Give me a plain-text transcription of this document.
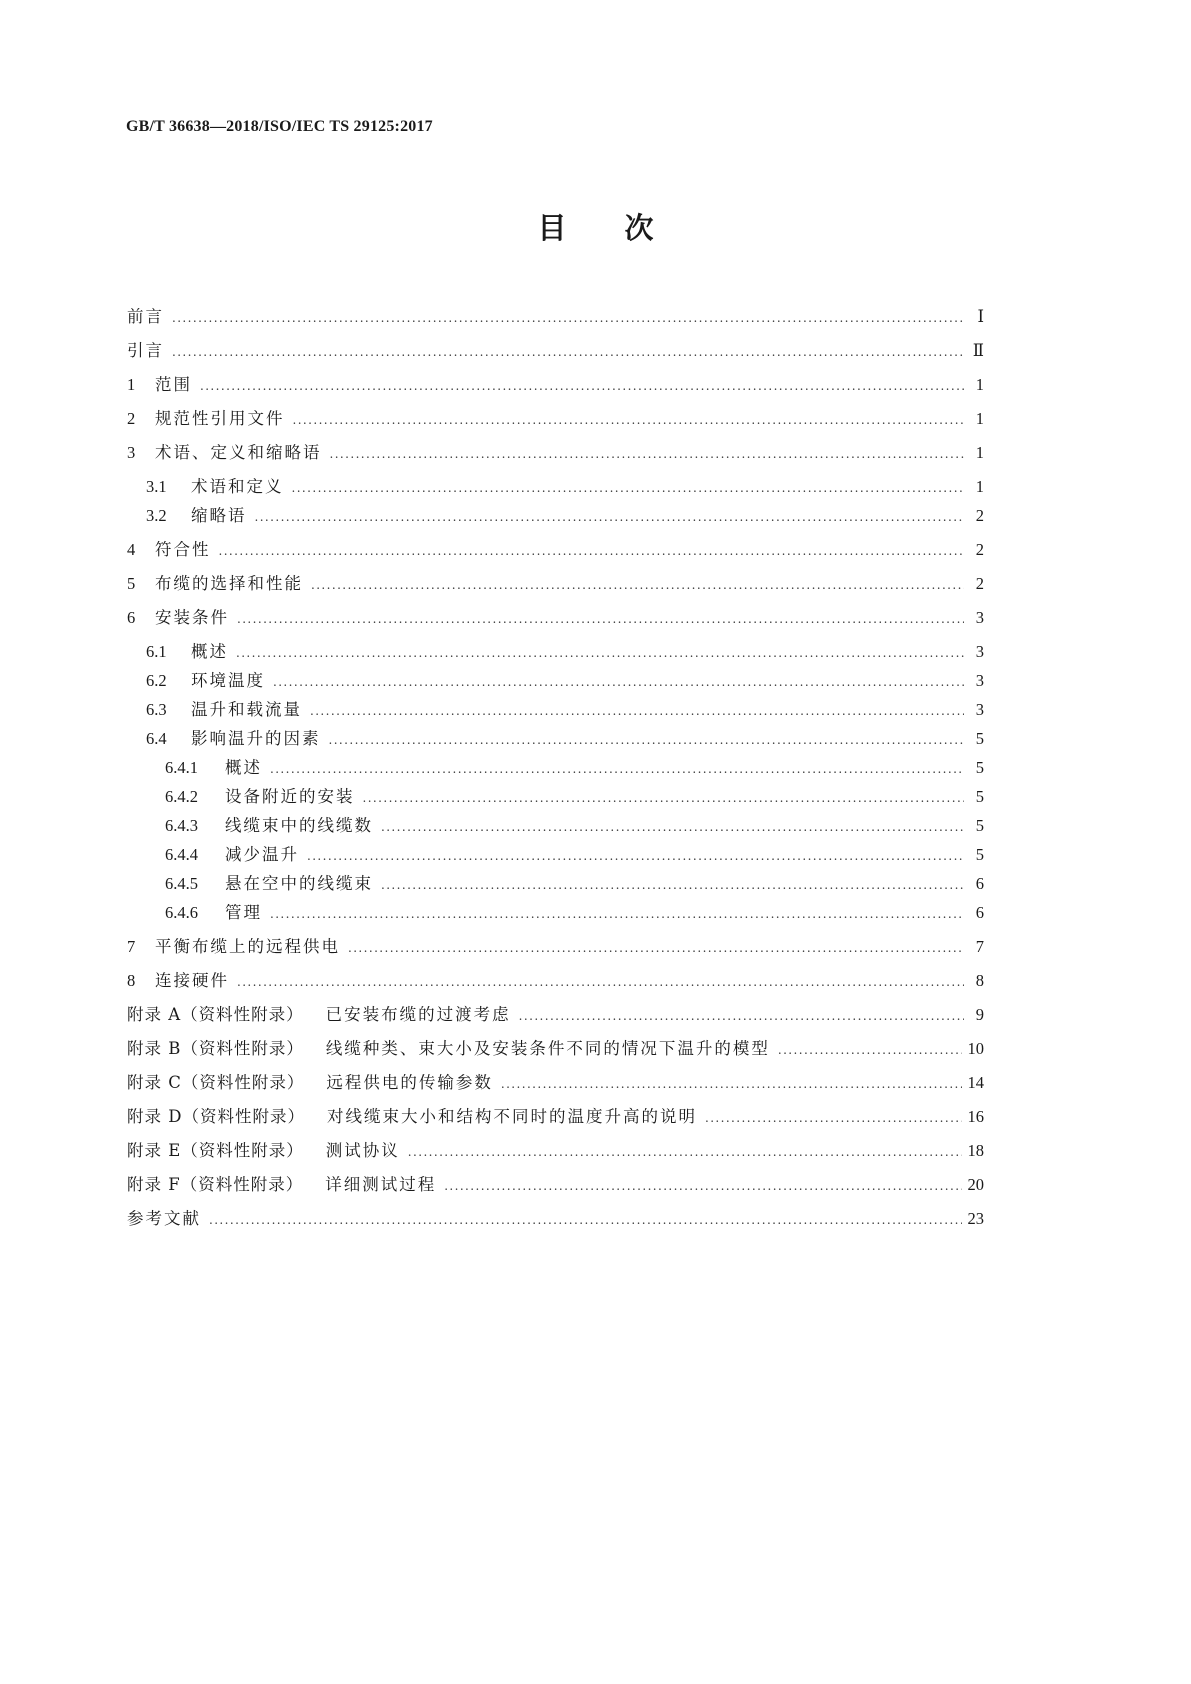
GB/T 36638—2018/ISO/IEC TS 29125:2017
目次
前言 .....	Ⅰ
引言 .....	Ⅱ
1	范围 .....	1
2	规范性引用文件 .....	1
3	术语、定义和缩略语 .....	1
3.1	术语和定义 .....	1
3.2	缩略语 .....	2
4	符合性 .....	2
5	布缆的选择和性能 .....	2
6	安装条件 .....	3
6.1	概述 .....	3
6.2	环境温度 .....	3
6.3	温升和载流量 .....	3
6.4	影响温升的因素 .....	5
6.4.1	概述 .....	5
6.4.2	设备附近的安装 .....	5
6.4.3	线缆束中的线缆数 .....	5
6.4.4	减少温升 .....	5
6.4.5	悬在空中的线缆束 .....	6
6.4.6	管理 .....	6
7	平衡布缆上的远程供电 .....	7
8	连接硬件 .....	8
附录 A（资料性附录） 已安装布缆的过渡考虑 .....	9
附录 B（资料性附录） 线缆种类、束大小及安装条件不同的情况下温升的模型 .....	10
附录 C（资料性附录） 远程供电的传输参数 .....	14
附录 D（资料性附录） 对线缆束大小和结构不同时的温度升高的说明 .....	16
附录 E（资料性附录） 测试协议 .....	18
附录 F（资料性附录） 详细测试过程 .....	20
参考文献 .....	23
